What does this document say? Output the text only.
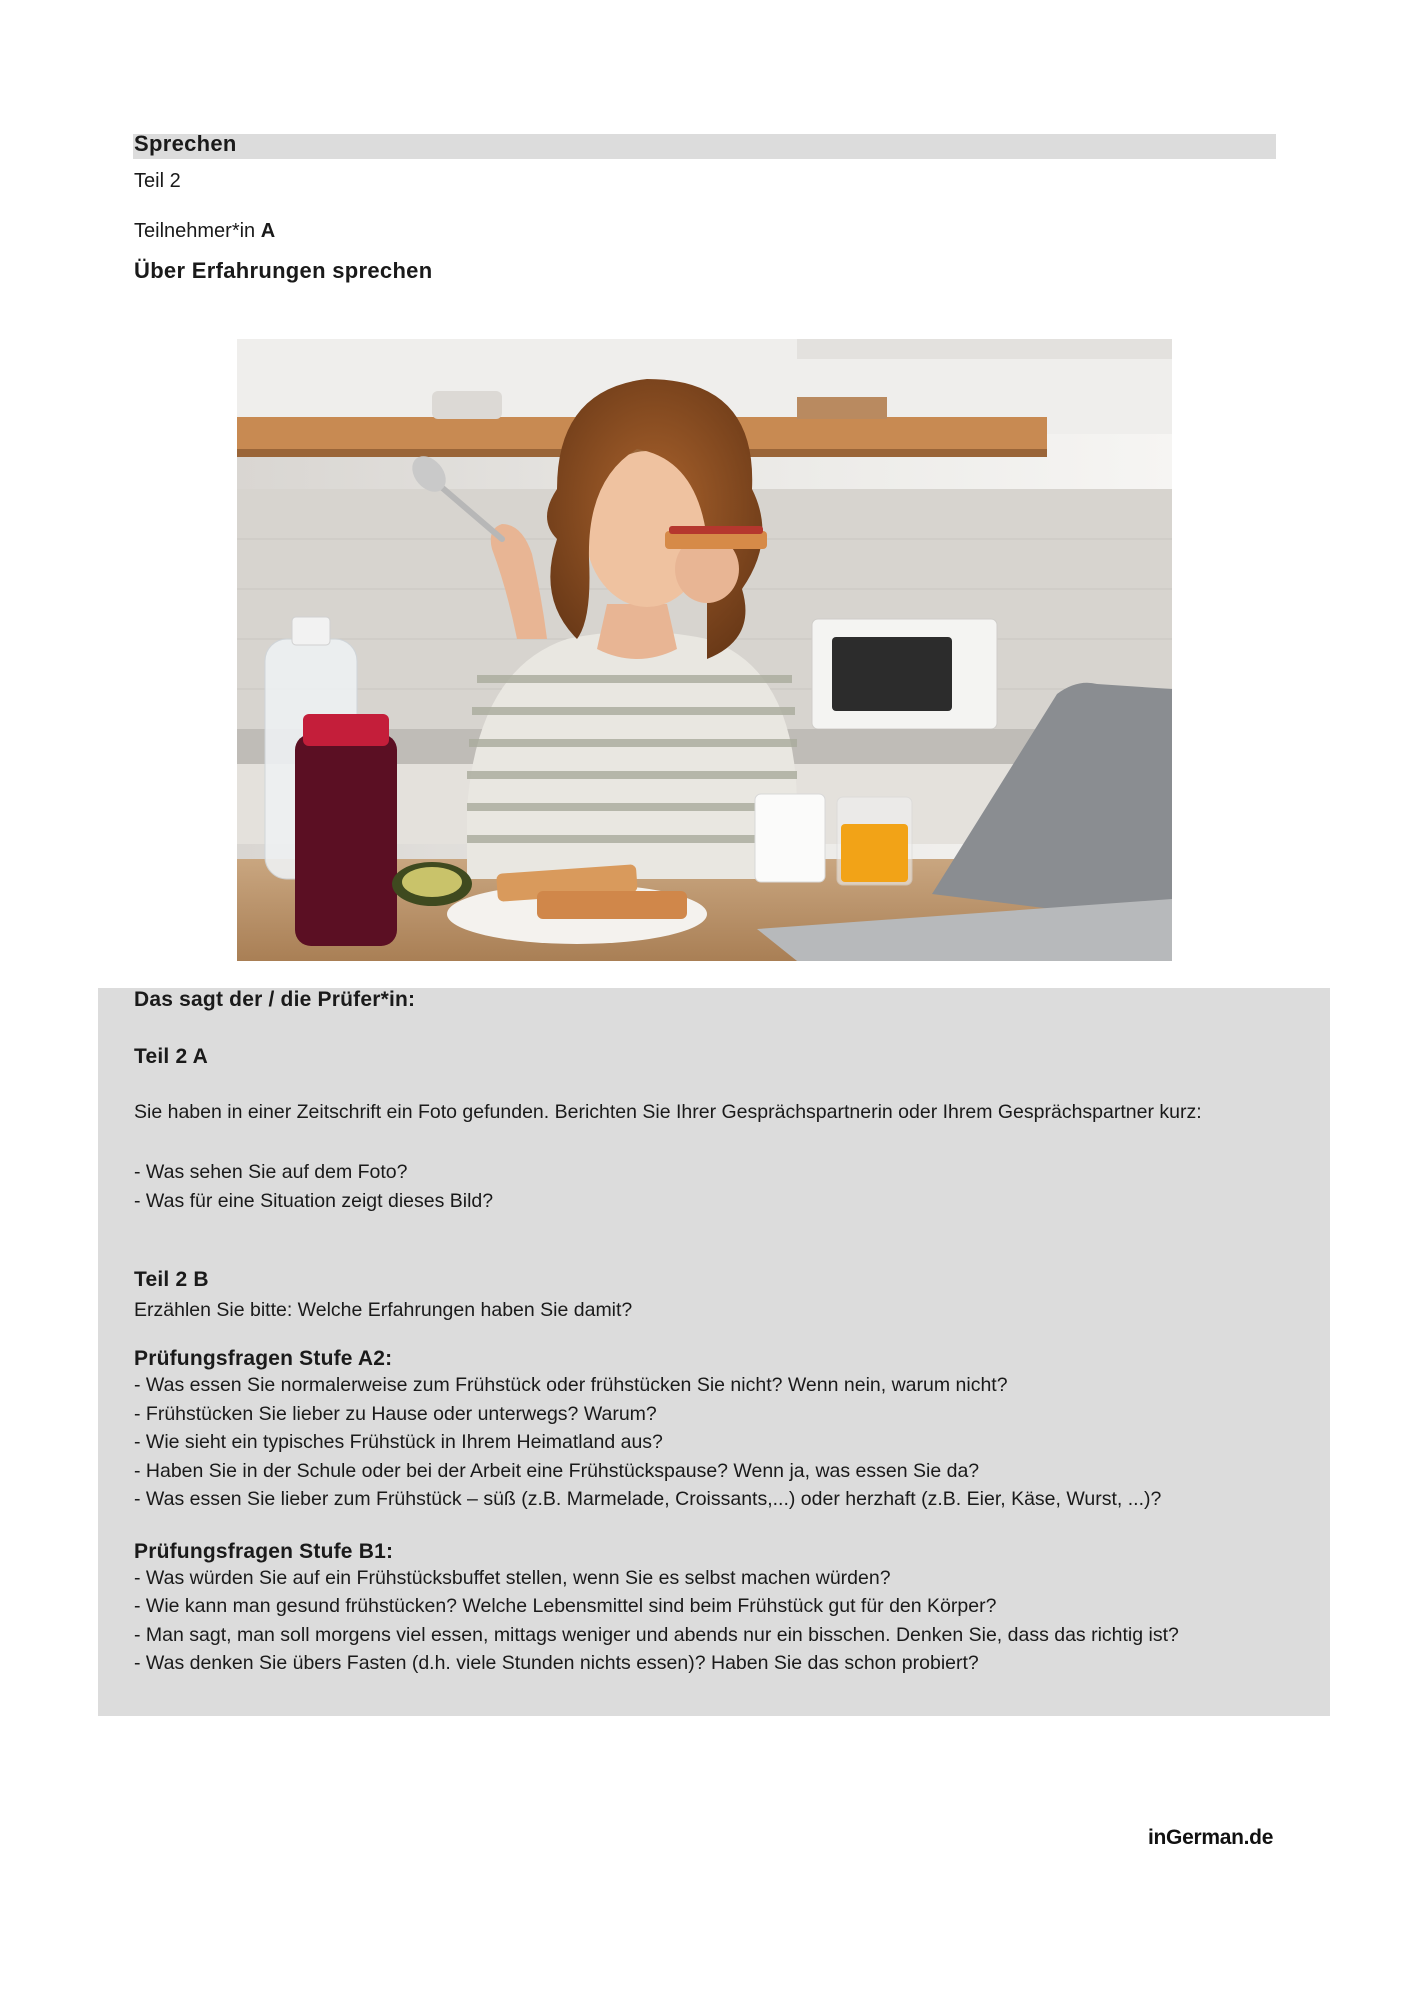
Sprechen
Teil 2
Teilnehmer*in A
Über Erfahrungen sprechen

Das sagt der / die Prüfer*in:

Teil 2 A

Sie haben in einer Zeitschrift ein Foto gefunden. Berichten Sie Ihrer Gesprächspartnerin oder Ihrem Gesprächspartner kurz:

- Was sehen Sie auf dem Foto?

- Was für eine Situation zeigt dieses Bild?

Teil 2 B

Erzählen Sie bitte: Welche Erfahrungen haben Sie damit?

Prüfungsfragen Stufe A2:

- Was essen Sie normalerweise zum Frühstück oder frühstücken Sie nicht? Wenn nein, warum nicht?

- Frühstücken Sie lieber zu Hause oder unterwegs? Warum?

- Wie sieht ein typisches Frühstück in Ihrem Heimatland aus?

- Haben Sie in der Schule oder bei der Arbeit eine Frühstückspause? Wenn ja, was essen Sie da?

- Was essen Sie lieber zum Frühstück – süß (z.B. Marmelade, Croissants,...) oder herzhaft (z.B. Eier, Käse, Wurst, ...)?

Prüfungsfragen Stufe B1:

- Was würden Sie auf ein Frühstücksbuffet stellen, wenn Sie es selbst machen würden?

- Wie kann man gesund frühstücken? Welche Lebensmittel sind beim Frühstück gut für den Körper?

- Man sagt, man soll morgens viel essen, mittags weniger und abends nur ein bisschen. Denken Sie, dass das richtig ist?

- Was denken Sie übers Fasten (d.h. viele Stunden nichts essen)? Haben Sie das schon probiert?

inGerman.de
